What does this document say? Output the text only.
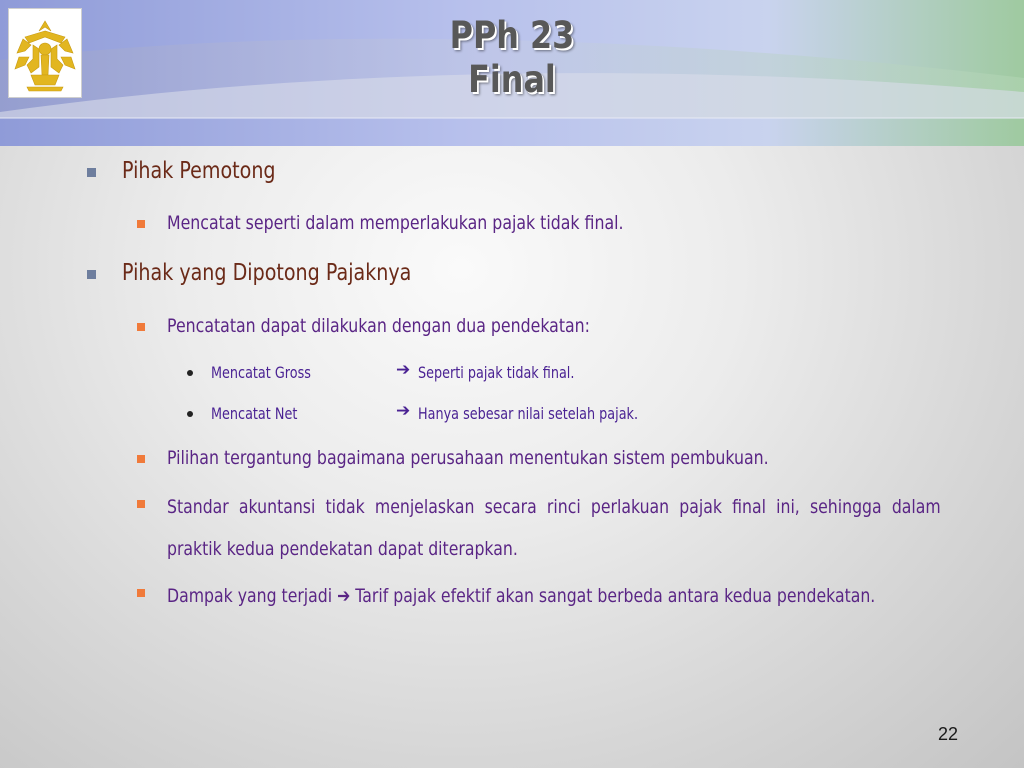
PPh 23
Final
Pihak Pemotong
Mencatat seperti dalam memperlakukan pajak tidak final.
Pihak yang Dipotong Pajaknya
Pencatatan dapat dilakukan dengan dua pendekatan:
Mencatat Gross	➔ Seperti pajak tidak final.
Mencatat Net	➔ Hanya sebesar nilai setelah pajak.
Pilihan tergantung bagaimana perusahaan menentukan sistem pembukuan.
Standar akuntansi tidak menjelaskan secara rinci perlakuan pajak final ini, sehingga dalam praktik kedua pendekatan dapat diterapkan.
Dampak yang terjadi ➔ Tarif pajak efektif akan sangat berbeda antara kedua pendekatan.
22
